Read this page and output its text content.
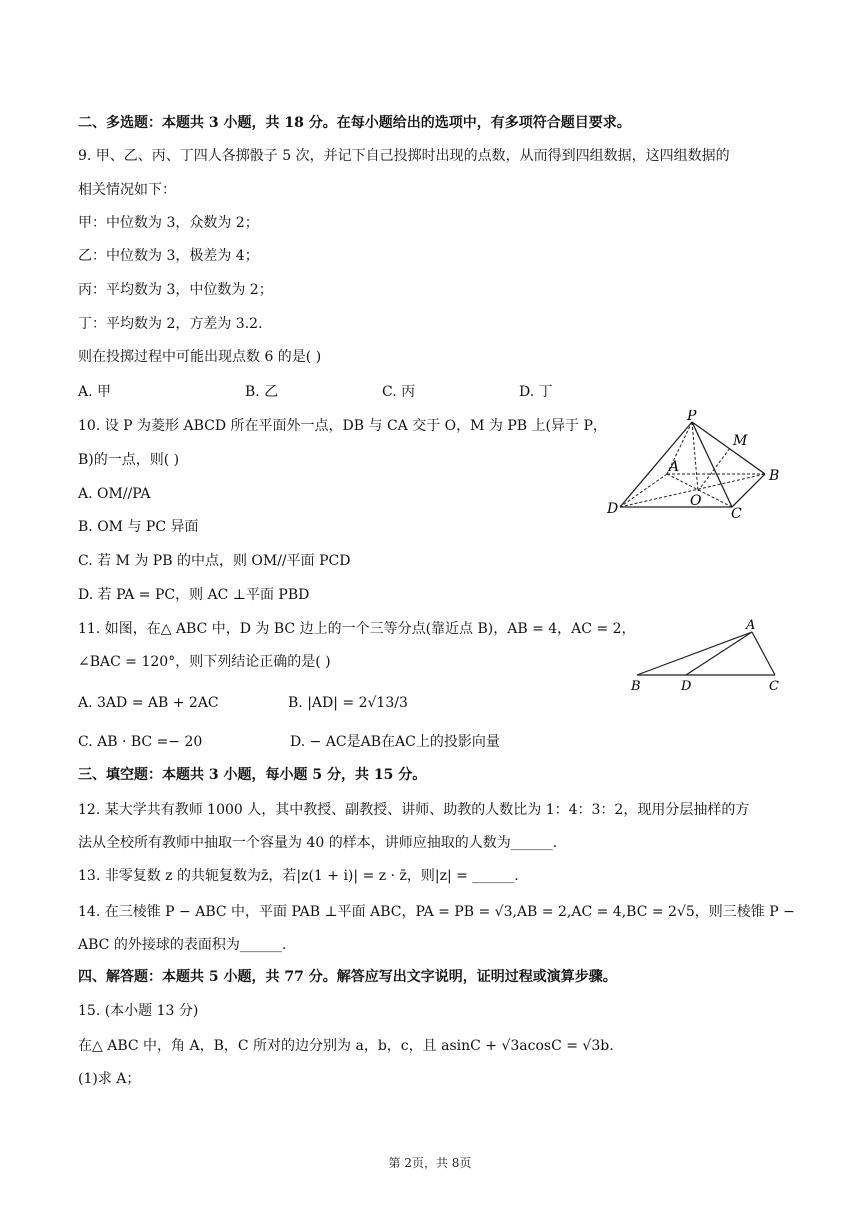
二、多选题：本题共 3 小题，共 18 分。在每小题给出的选项中，有多项符合题目要求。
9. 甲、乙、丙、丁四人各掷骰子 5 次，并记下自己投掷时出现的点数，从而得到四组数据，这四组数据的
相关情况如下：
甲：中位数为 3，众数为 2；
乙：中位数为 3，极差为 4；
丙：平均数为 3，中位数为 2；
丁：平均数为 2，方差为 3.2．
则在投掷过程中可能出现点数 6 的是( )
A. 甲	B. 乙	C. 丙	D. 丁
10. 设 P 为菱形 ABCD 所在平面外一点，DB 与 CA 交于 O，M 为 PB 上(异于 P，
B)的一点，则( )
A. OM//PA
B. OM 与 PC 异面
C. 若 M 为 PB 的中点，则 OM//平面 PCD
D. 若 PA = PC，则 AC ⊥平面 PBD
P
M
A
B
O
C
D
11. 如图，在△ ABC 中，D 为 BC 边上的一个三等分点(靠近点 B)，AB = 4，AC = 2，
∠BAC = 120°，则下列结论正确的是( )
A. 3AD = AB + 2AC	B. |AD| = 2√13/3
C. AB · BC =− 20	D. − AC是AB在AC上的投影向量
A
B	D	C
三、填空题：本题共 3 小题，每小题 5 分，共 15 分。
12. 某大学共有教师 1000 人，其中教授、副教授、讲师、助教的人数比为 1：4：3：2，现用分层抽样的方
法从全校所有教师中抽取一个容量为 40 的样本，讲师应抽取的人数为______.
13. 非零复数 z 的共轭复数为z̄，若|z(1 + i)| = z · z̄，则|z| = ______.
14. 在三棱锥 P − ABC 中，平面 PAB ⊥平面 ABC，PA = PB = √3,AB = 2,AC = 4,BC = 2√5，则三棱锥 P −
ABC 的外接球的表面积为______.
四、解答题：本题共 5 小题，共 77 分。解答应写出文字说明，证明过程或演算步骤。
15. (本小题 13 分)
在△ ABC 中，角 A，B，C 所对的边分别为 a，b，c，且 asinC + √3acosC = √3b.
(1)求 A；
第 2页，共 8页
